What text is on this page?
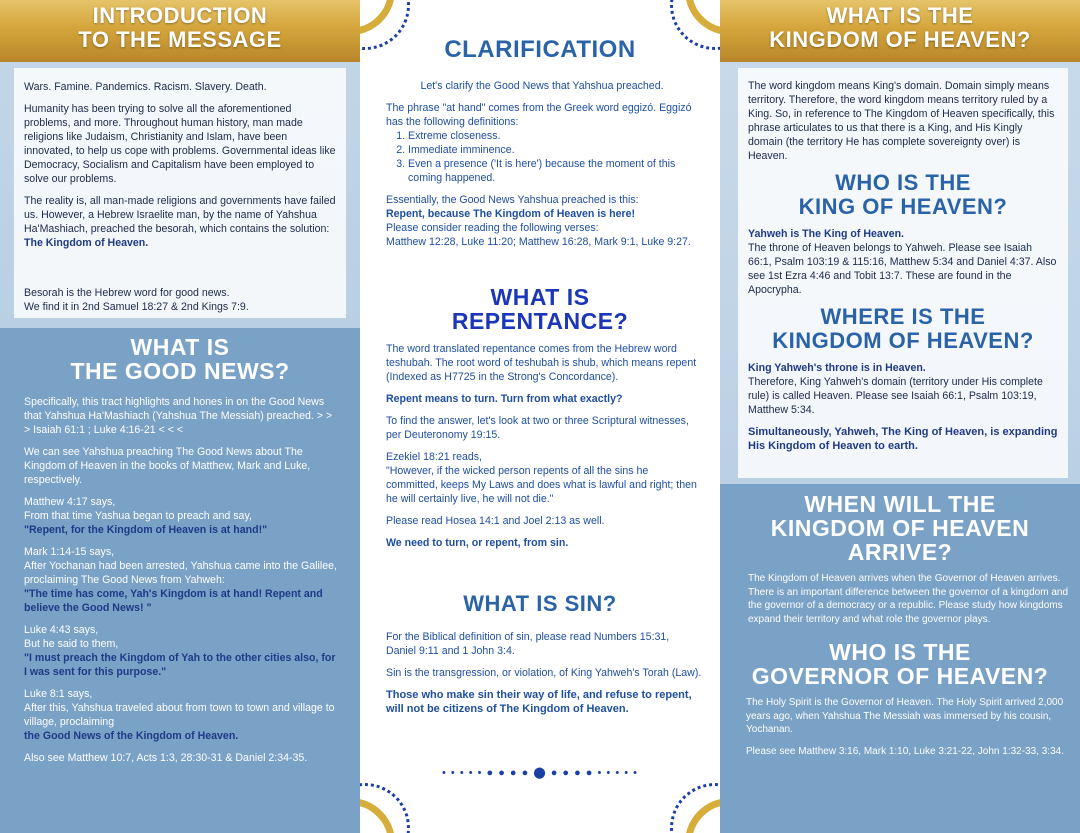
INTRODUCTION
TO THE MESSAGE

Wars. Famine. Pandemics. Racism. Slavery. Death.

Humanity has been trying to solve all the aforementioned problems, and more. Throughout human history, man made religions like Judaism, Christianity and Islam, have been innovated, to help us cope with problems. Governmental ideas like Democracy, Socialism and Capitalism have been employed to solve our problems.

The reality is, all man-made religions and governments have failed us. However, a Hebrew Israelite man, by the name of Yahshua Ha'Mashiach, preached the besorah, which contains the solution: The Kingdom of Heaven.

Besorah is the Hebrew word for good news.
We find it in 2nd Samuel 18:27 & 2nd Kings 7:9.
WHAT IS
THE GOOD NEWS?

Specifically, this tract highlights and hones in on the Good News that Yahshua Ha'Mashiach (Yahshua The Messiah) preached. > > > Isaiah 61:1 ; Luke 4:16-21 < < <

We can see Yahshua preaching The Good News about The Kingdom of Heaven in the books of Matthew, Mark and Luke, respectively.

Matthew 4:17 says,
From that time Yashua began to preach and say,
"Repent, for the Kingdom of Heaven is at hand!"

Mark 1:14-15 says,
After Yochanan had been arrested, Yahshua came into the Galilee, proclaiming The Good News from Yahweh:
"The time has come, Yah's Kingdom is at hand! Repent and believe the Good News! "

Luke 4:43 says,
But he said to them,
"I must preach the Kingdom of Yah to the other cities also, for I was sent for this purpose."

Luke 8:1 says,
After this, Yahshua traveled about from town to town and village to village, proclaiming
the Good News of the Kingdom of Heaven.

Also see Matthew 10:7, Acts 1:3, 28:30-31 & Daniel 2:34-35.

CLARIFICATION

Let's clarify the Good News that Yahshua preached.

The phrase "at hand" comes from the Greek word eggizó. Eggizó has the following definitions:

1. Extreme closeness.
2. Immediate imminence.
3. Even a presence ('It is here') because the moment of this coming happened.
Essentially, the Good News Yahshua preached is this:
Repent, because The Kingdom of Heaven is here!
Please consider reading the following verses:
Matthew 12:28, Luke 11:20; Matthew 16:28, Mark 9:1, Luke 9:27.
WHAT IS
REPENTANCE?

The word translated repentance comes from the Hebrew word teshubah. The root word of teshubah is shub, which means repent (Indexed as H7725 in the Strong's Concordance).

Repent means to turn. Turn from what exactly?

To find the answer, let's look at two or three Scriptural witnesses, per Deuteronomy 19:15.

Ezekiel 18:21 reads,
"However, if the wicked person repents of all the sins he committed, keeps My Laws and does what is lawful and right; then he will certainly live, he will not die."

Please read Hosea 14:1 and Joel 2:13 as well.

We need to turn, or repent, from sin.

WHAT IS SIN?

For the Biblical definition of sin, please read Numbers 15:31, Daniel 9:11 and 1 John 3:4.

Sin is the transgression, or violation, of King Yahweh's Torah (Law).

Those who make sin their way of life, and refuse to repent, will not be citizens of The Kingdom of Heaven.

• • • • • ● ● ● ● ⬤ ● ● ● ● • • • • •
WHAT IS THE
KINGDOM OF HEAVEN?

The word kingdom means King's domain. Domain simply means territory. Therefore, the word kingdom means territory ruled by a King. So, in reference to The Kingdom of Heaven specifically, this phrase articulates to us that there is a King, and His Kingly domain (the territory He has complete sovereignty over) is Heaven.

WHO IS THE
KING OF HEAVEN?
Yahweh is The King of Heaven.

The throne of Heaven belongs to Yahweh. Please see Isaiah 66:1, Psalm 103:19 & 115:16, Matthew 5:34 and Daniel 4:37. Also see 1st Ezra 4:46 and Tobit 13:7. These are found in the Apocrypha.

WHERE IS THE
KINGDOM OF HEAVEN?
King Yahweh's throne is in Heaven.

Therefore, King Yahweh's domain (territory under His complete rule) is called Heaven. Please see Isaiah 66:1, Psalm 103:19, Matthew 5:34.

Simultaneously, Yahweh, The King of Heaven, is expanding His Kingdom of Heaven to earth.

WHEN WILL THE
KINGDOM OF HEAVEN
ARRIVE?

The Kingdom of Heaven arrives when the Governor of Heaven arrives. There is an important difference between the governor of a kingdom and the governor of a democracy or a republic. Please study how kingdoms expand their territory and what role the governor plays.

WHO IS THE
GOVERNOR OF HEAVEN?

The Holy Spirit is the Governor of Heaven. The Holy Spirit arrived 2,000 years ago, when Yahshua The Messiah was immersed by his cousin, Yochanan.

Please see Matthew 3:16, Mark 1:10, Luke 3:21-22, John 1:32-33, 3:34.
